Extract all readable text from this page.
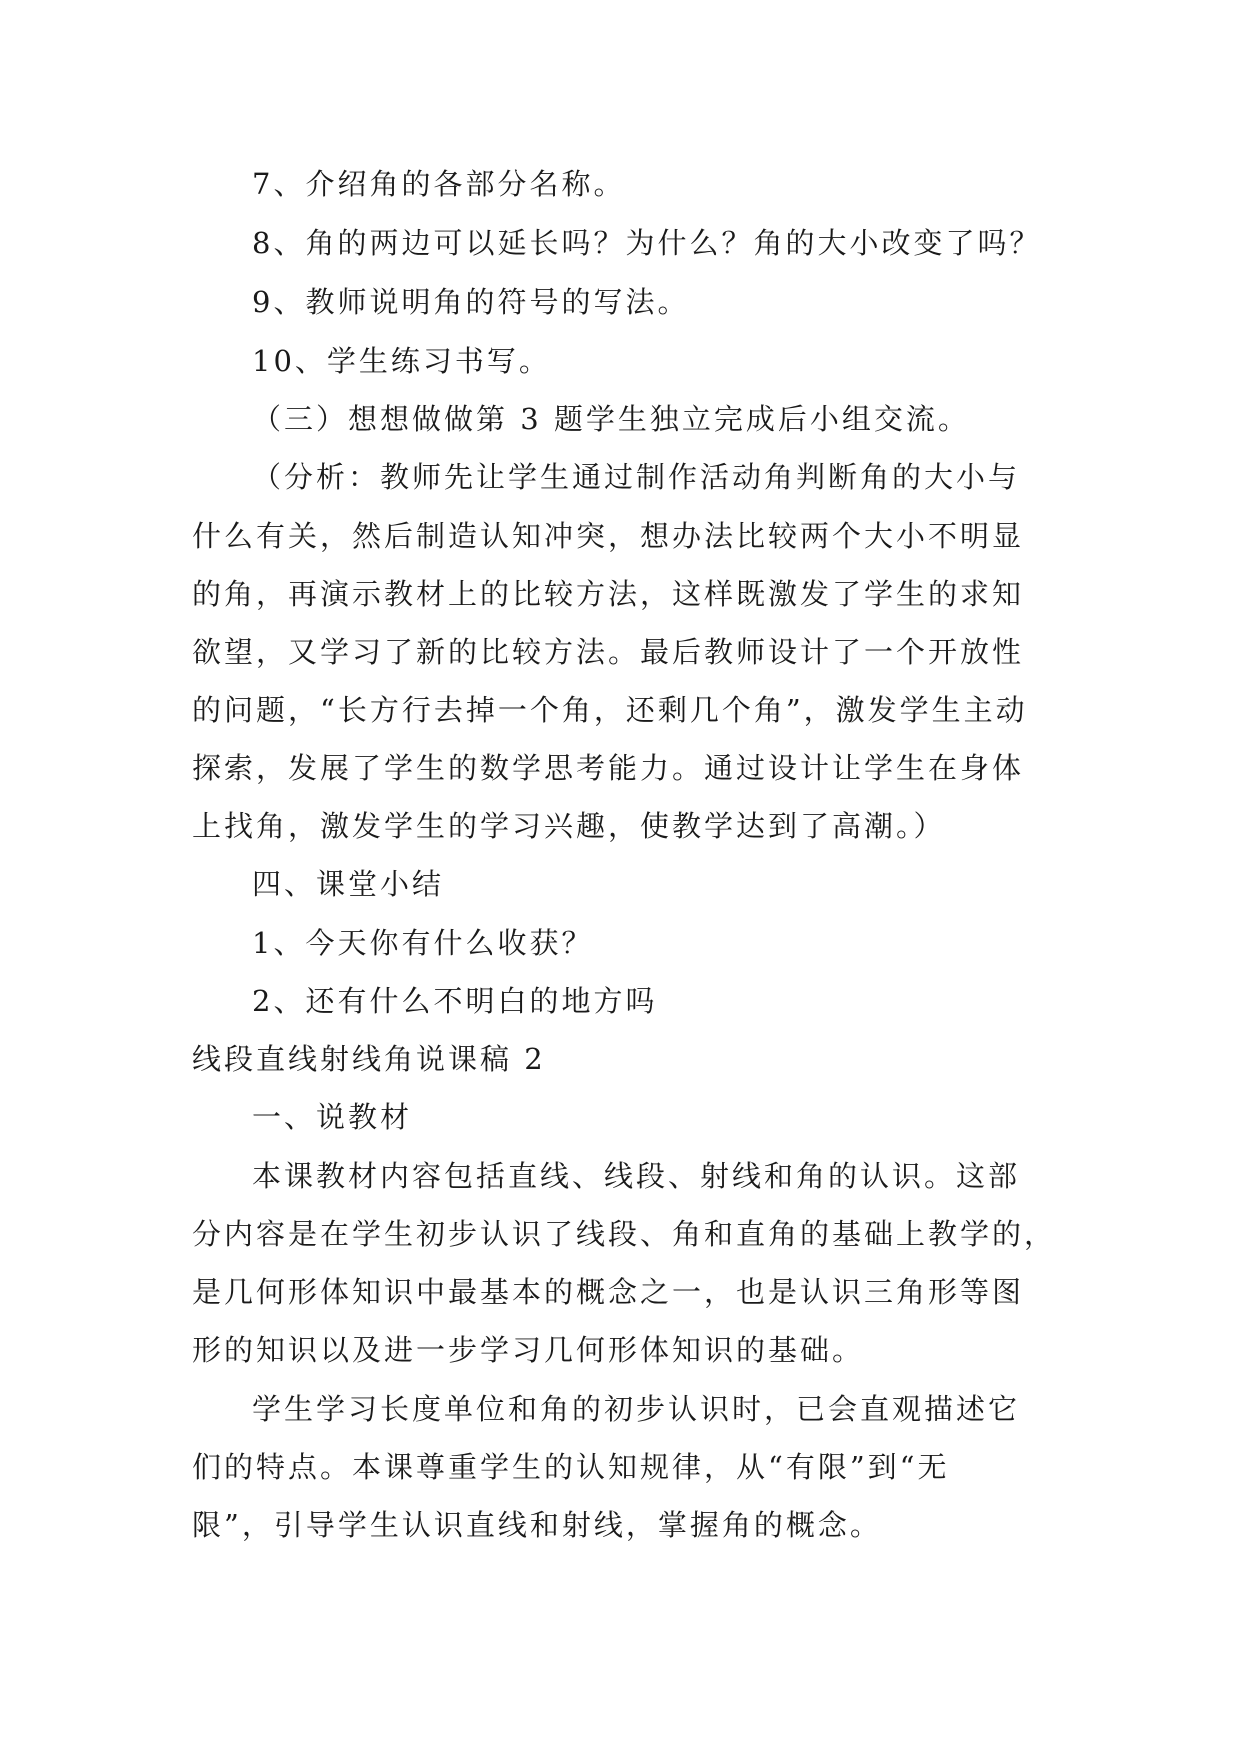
7、介绍角的各部分名称。
8、角的两边可以延长吗？为什么？角的大小改变了吗？
9、教师说明角的符号的写法。
10、学生练习书写。
（三）想想做做第 3 题学生独立完成后小组交流。
（分析：教师先让学生通过制作活动角判断角的大小与
什么有关，然后制造认知冲突，想办法比较两个大小不明显
的角，再演示教材上的比较方法，这样既激发了学生的求知
欲望，又学习了新的比较方法。最后教师设计了一个开放性
的问题，“长方行去掉一个角，还剩几个角”，激发学生主动
探索，发展了学生的数学思考能力。通过设计让学生在身体
上找角，激发学生的学习兴趣，使教学达到了高潮。）
四、课堂小结
1、今天你有什么收获？
2、还有什么不明白的地方吗
线段直线射线角说课稿 2
一、说教材
本课教材内容包括直线、线段、射线和角的认识。这部
分内容是在学生初步认识了线段、角和直角的基础上教学的，
是几何形体知识中最基本的概念之一，也是认识三角形等图
形的知识以及进一步学习几何形体知识的基础。
学生学习长度单位和角的初步认识时，已会直观描述它
们的特点。本课尊重学生的认知规律，从“有限”到“无
限”，引导学生认识直线和射线，掌握角的概念。
